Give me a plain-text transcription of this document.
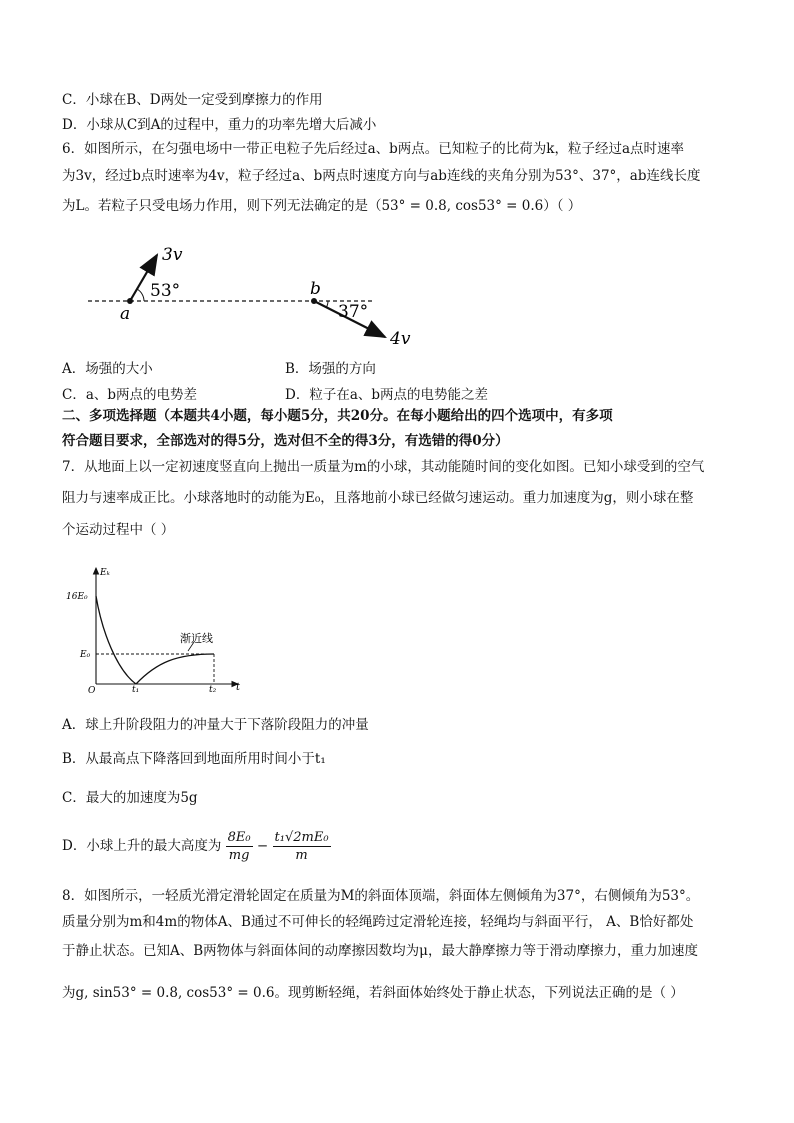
C．小球在B、D两处一定受到摩擦力的作用
D．小球从C到A的过程中，重力的功率先增大后减小
6．如图所示，在匀强电场中一带正电粒子先后经过a、b两点。已知粒子的比荷为k，粒子经过a点时速率
为3v，经过b点时速率为4v，粒子经过a、b两点时速度方向与ab连线的夹角分别为53°、37°，ab连线长度
为L。若粒子只受电场力作用，则下列无法确定的是（53° = 0.8, cos53° = 0.6）（ ）
3v
53°
a
b
37°
4v
A．场强的大小	B．场强的方向
C．a、b两点的电势差	D．粒子在a、b两点的电势能之差
二、多项选择题（本题共4小题，每小题5分，共20分。在每小题给出的四个选项中，有多项
符合题目要求，全部选对的得5分，选对但不全的得3分，有选错的得0分）
7．从地面上以一定初速度竖直向上抛出一质量为m的小球，其动能随时间的变化如图。已知小球受到的空气
阻力与速率成正比。小球落地时的动能为E₀，且落地前小球已经做匀速运动。重力加速度为g，则小球在整
个运动过程中（ ）
Eₖ
16E₀
E₀
O	t₁	t₂ t
渐近线
A．球上升阶段阻力的冲量大于下落阶段阻力的冲量
B．从最高点下降落回到地面所用时间小于t₁
C．最大的加速度为5g
D．小球上升的最大高度为 $\frac{\text{8E₀}}{mg} - \frac{\text{t₁√2mE₀}}{m}$
8．如图所示，一轻质光滑定滑轮固定在质量为M的斜面体顶端，斜面体左侧倾角为37°，右侧倾角为53°。
质量分别为m和4m的物体A、B通过不可伸长的轻绳跨过定滑轮连接，轻绳均与斜面平行， A、B恰好都处
于静止状态。已知A、B两物体与斜面体间的动摩擦因数均为μ，最大静摩擦力等于滑动摩擦力，重力加速度
为g, sin53° = 0.8, cos53° = 0.6。现剪断轻绳，若斜面体始终处于静止状态，下列说法正确的是（ ）
